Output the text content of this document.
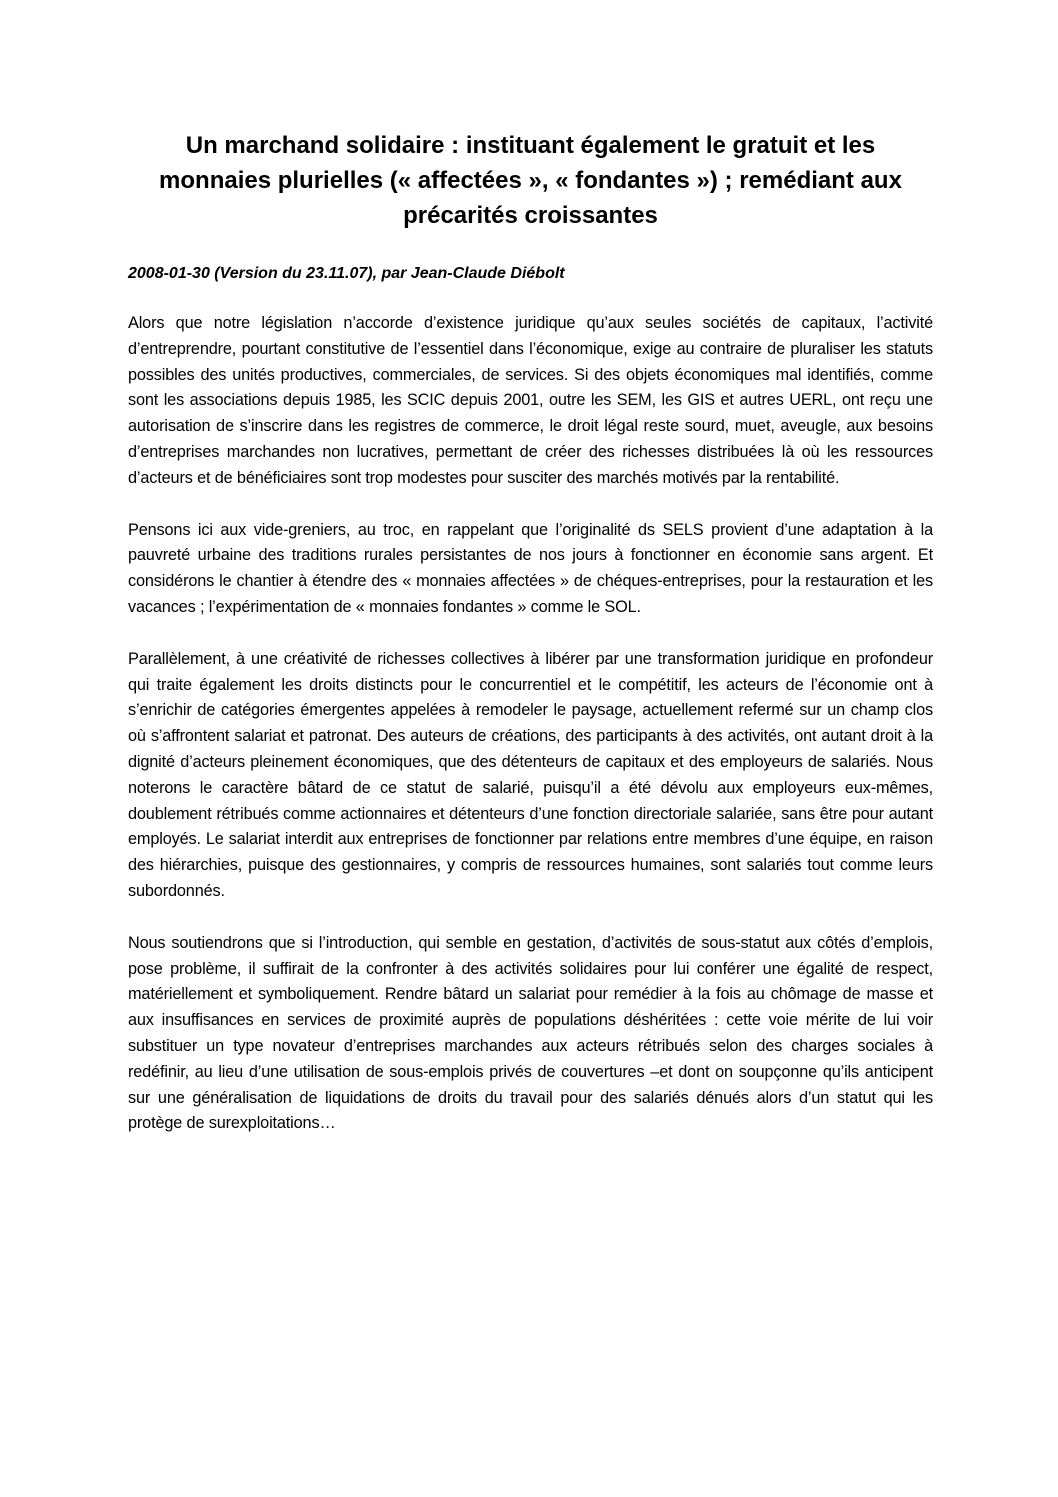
Un marchand solidaire : instituant également le gratuit et les monnaies plurielles (« affectées », « fondantes ») ; remédiant aux précarités croissantes

2008-01-30 (Version du 23.11.07), par Jean-Claude Diébolt

Alors que notre législation n’accorde d’existence juridique qu’aux seules sociétés de capitaux, l’activité d’entreprendre, pourtant constitutive de l’essentiel dans l’économique, exige au contraire de pluraliser les statuts possibles des unités productives, commerciales, de services. Si des objets économiques mal identifiés, comme sont les associations depuis 1985, les SCIC depuis 2001, outre les SEM, les GIS et autres UERL, ont reçu une autorisation de s’inscrire dans les registres de commerce, le droit légal reste sourd, muet, aveugle, aux besoins d’entreprises marchandes non lucratives, permettant de créer des richesses distribuées là où les ressources d’acteurs et de bénéficiaires sont trop modestes pour susciter des marchés motivés par la rentabilité.

Pensons ici aux vide-greniers, au troc, en rappelant que l’originalité ds SELS provient d’une adaptation à la pauvreté urbaine des traditions rurales persistantes de nos jours à fonctionner en économie sans argent. Et considérons le chantier à étendre des « monnaies affectées » de chéques-entreprises, pour la restauration et les vacances ; l’expérimentation de « monnaies fondantes » comme le SOL.

Parallèlement, à une créativité de richesses collectives à libérer par une transformation juridique en profondeur qui traite également les droits distincts pour le concurrentiel et le compétitif, les acteurs de l’économie ont à s’enrichir de catégories émergentes appelées à remodeler le paysage, actuellement refermé sur un champ clos où s’affrontent salariat et patronat. Des auteurs de créations, des participants à des activités, ont autant droit à la dignité d’acteurs pleinement économiques, que des détenteurs de capitaux et des employeurs de salariés. Nous noterons le caractère bâtard de ce statut de salarié, puisqu’il a été dévolu aux employeurs eux-mêmes, doublement rétribués comme actionnaires et détenteurs d’une fonction directoriale salariée, sans être pour autant employés. Le salariat interdit aux entreprises de fonctionner par relations entre membres d’une équipe, en raison des hiérarchies, puisque des gestionnaires, y compris de ressources humaines, sont salariés tout comme leurs subordonnés.

Nous soutiendrons que si l’introduction, qui semble en gestation, d’activités de sous-statut aux côtés d’emplois, pose problème, il suffirait de la confronter à des activités solidaires pour lui conférer une égalité de respect, matériellement et symboliquement. Rendre bâtard un salariat pour remédier à la fois au chômage de masse et aux insuffisances en services de proximité auprès de populations déshéritées : cette voie mérite de lui voir substituer un type novateur d’entreprises marchandes aux acteurs rétribués selon des charges sociales à redéfinir, au lieu d’une utilisation de sous-emplois privés de couvertures –et dont on soupçonne qu’ils anticipent sur une généralisation de liquidations de droits du travail pour des salariés dénués alors d’un statut qui les protège de surexploitations…
